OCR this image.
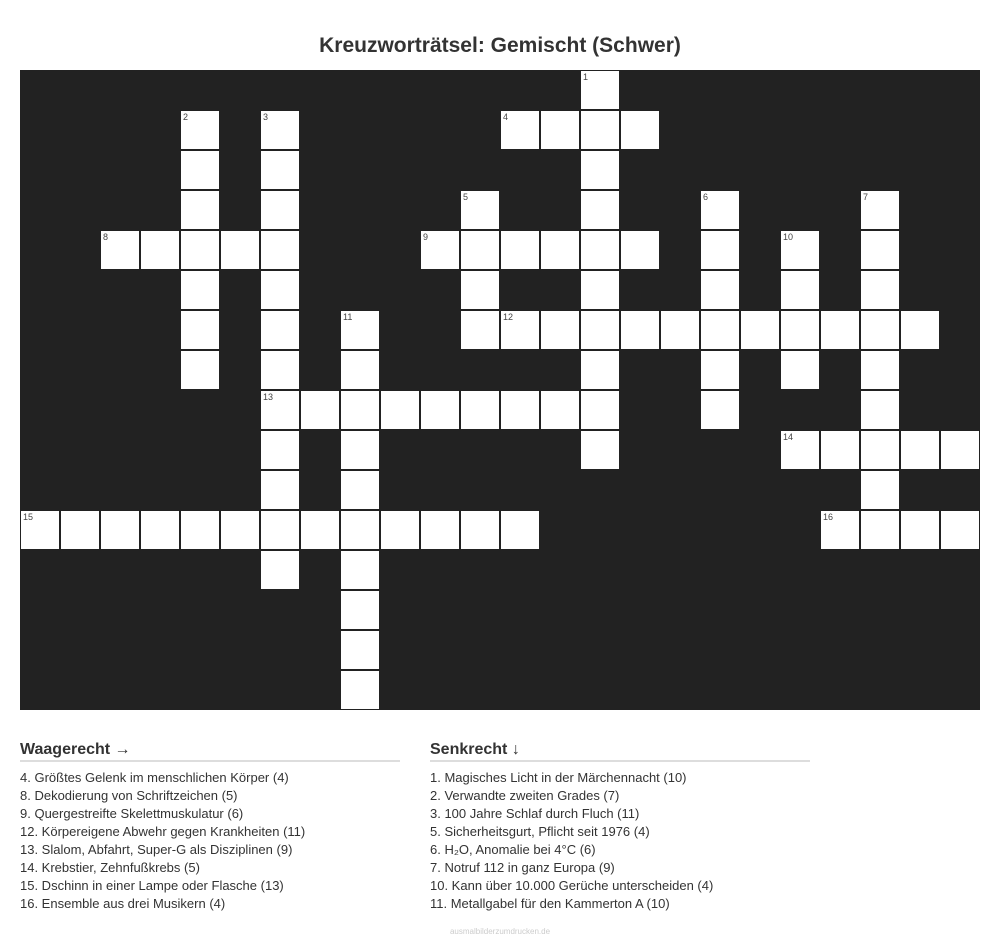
Kreuzworträtsel: Gemischt (Schwer)
1
2	3	4
5	6	7
8	9	10
11	12
13
14
15	16
Waagerecht →
4. Größtes Gelenk im menschlichen Körper (4)
8. Dekodierung von Schriftzeichen (5)
9. Quergestreifte Skelettmuskulatur (6)
12. Körpereigene Abwehr gegen Krankheiten (11)
13. Slalom, Abfahrt, Super-G als Disziplinen (9)
14. Krebstier, Zehnfußkrebs (5)
15. Dschinn in einer Lampe oder Flasche (13)
16. Ensemble aus drei Musikern (4)
Senkrecht ↓
1. Magisches Licht in der Märchennacht (10)
2. Verwandte zweiten Grades (7)
3. 100 Jahre Schlaf durch Fluch (11)
5. Sicherheitsgurt, Pflicht seit 1976 (4)
6. H₂O, Anomalie bei 4°C (6)
7. Notruf 112 in ganz Europa (9)
10. Kann über 10.000 Gerüche unterscheiden (4)
11. Metallgabel für den Kammerton A (10)
ausmalbilderzumdrucken.de
